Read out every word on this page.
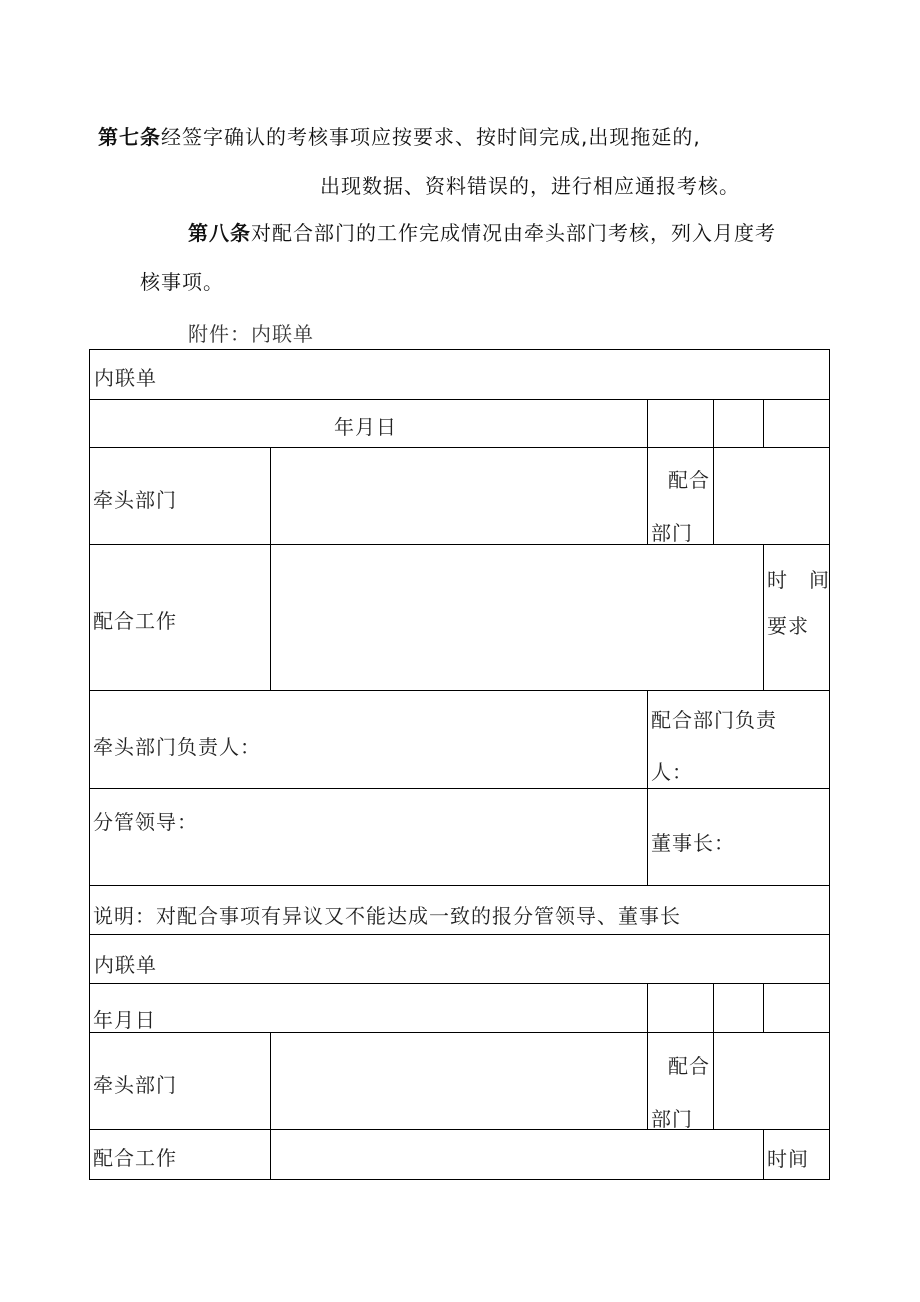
第七条经签字确认的考核事项应按要求、按时间完成,出现拖延的,
出现数据、资料错误的，进行相应通报考核。
第八条对配合部门的工作完成情况由牵头部门考核，列入月度考
核事项。
附件：内联单
内联单
年月日
牵头部门
配合
部门
配合工作
时　间
要求
牵头部门负责人：
配合部门负责
人：
分管领导：
董事长：
说明：对配合事项有异议又不能达成一致的报分管领导、董事长
内联单
年月日
牵头部门
配合
部门
配合工作	时间
